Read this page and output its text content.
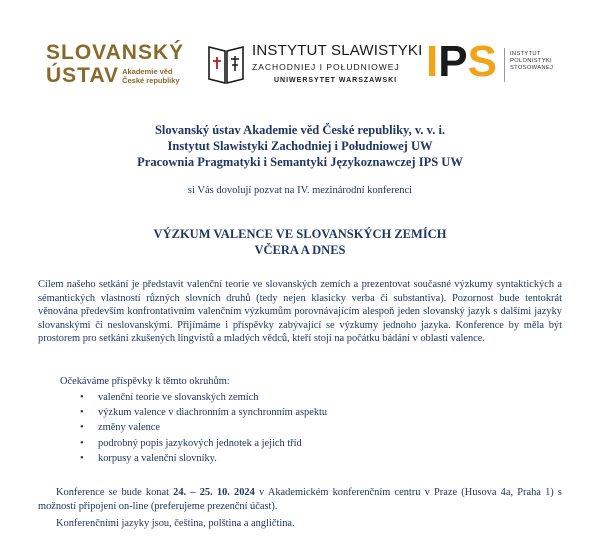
SLOVANSKÝ
ÚSTAV Akademie věd
České republiky
INSTYTUT SLAWISTYKI
ZACHODNIEJ I POŁUDNIOWEJ
UNIWERSYTET WARSZAWSKI I P S INSTYTUT
POLONISTYKI
STOSOWANEJ
Slovanský ústav Akademie věd České republiky, v. v. i.
Instytut Slawistyki Zachodniej i Południowej UW
Pracownia Pragmatyki i Semantyki Językoznawczej IPS UW
si Vás dovolují pozvat na IV. mezinárodní konferenci
VÝZKUM VALENCE VE SLOVANSKÝCH ZEMÍCH
VČERA A DNES
Cílem našeho setkání je představit valenční teorie ve slovanských zemích a prezentovat současné výzkumy syntaktických a sémantických vlastností různých slovních druhů (tedy nejen klasicky verba či substantiva). Pozornost bude tentokrát věnována především konfrontativním valenčním výzkumům porovnávajícím alespoň jeden slovanský jazyk s dalšími jazyky slovanskými či neslovanskými. Přijímáme i příspěvky zabývající se výzkumy jednoho jazyka. Konference by měla být prostorem pro setkání zkušených lingvistů a mladých vědců, kteří stojí na počátku bádání v oblasti valence.
Očekáváme příspěvky k těmto okruhům:
• valenční teorie ve slovanských zemích
• výzkum valence v diachronním a synchronním aspektu
• změny valence
• podrobný popis jazykových jednotek a jejich tříd
• korpusy a valenční slovníky.
Konference se bude konat 24. – 25. 10. 2024 v Akademickém konferenčním centru v Praze (Husova 4a, Praha 1) s možností připojení on-line (preferujeme prezenční účast).
Konferenčními jazyky jsou, čeština, polština a angličtina.
